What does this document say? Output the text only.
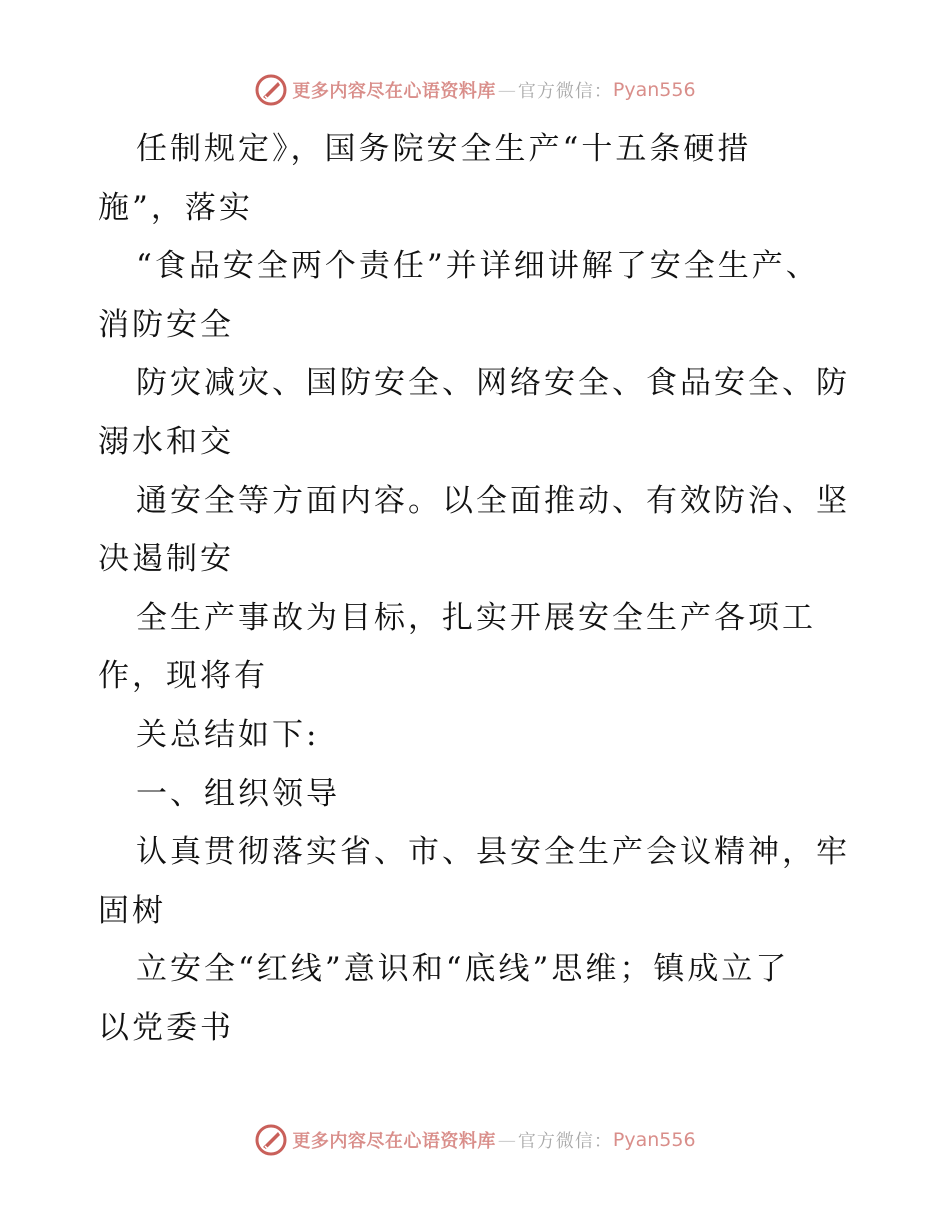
更多内容尽在心语资料库 — 官方微信： Pyan556
任制规定》，国务院安全生产“十五条硬措
施”，落实
“食品安全两个责任”并详细讲解了安全生产、
消防安全
防灾减灾、国防安全、网络安全、食品安全、防
溺水和交
通安全等方面内容。以全面推动、有效防治、坚
决遏制安
全生产事故为目标，扎实开展安全生产各项工
作，现将有
关总结如下:
一、组织领导
认真贯彻落实省、市、县安全生产会议精神，牢
固树
立安全“红线”意识和“底线”思维；镇成立了
以党委书
更多内容尽在心语资料库 — 官方微信： Pyan556
